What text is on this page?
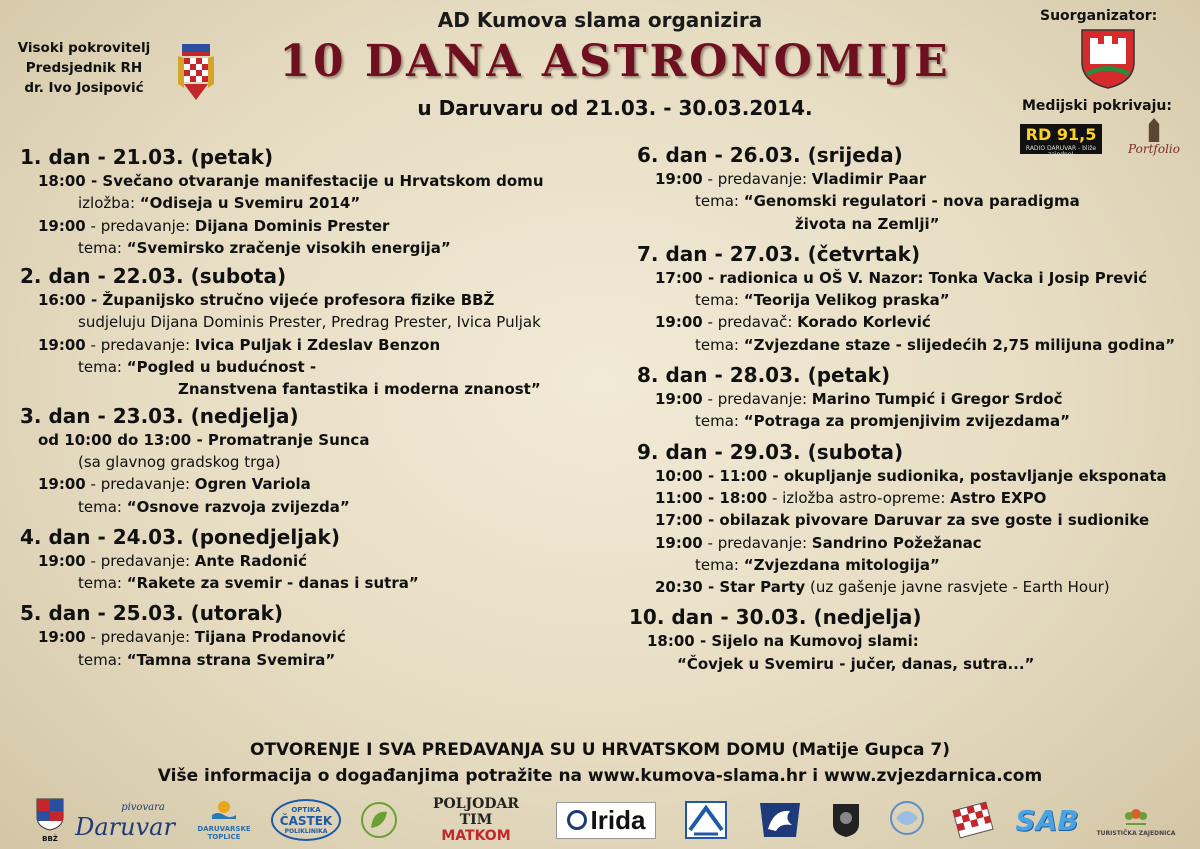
AD Kumova slama organizira
10 DANA ASTRONOMIJE
u Daruvaru od 21.03. - 30.03.2014.
Visoki pokrovitelj
Predsjednik RH
dr. Ivo Josipović
Suorganizator:
Medijski pokrivaju:
RD 91,5
RADIO DARUVAR - bliže zajedno!	Portfolio
1. dan - 21.03. (petak)
18:00 - Svečano otvaranje manifestacije u Hrvatskom domu
izložba: “Odiseja u Svemiru 2014”
19:00 - predavanje: Dijana Dominis Prester
tema: “Svemirsko zračenje visokih energija”
2. dan - 22.03. (subota)
16:00 - Županijsko stručno vijeće profesora fizike BBŽ
sudjeluju Dijana Dominis Prester, Predrag Prester, Ivica Puljak
19:00 - predavanje: Ivica Puljak i Zdeslav Benzon
tema: “Pogled u budućnost -
Znanstvena fantastika i moderna znanost”
3. dan - 23.03. (nedjelja)
od 10:00 do 13:00 - Promatranje Sunca
(sa glavnog gradskog trga)
19:00 - predavanje: Ogren Variola
tema: “Osnove razvoja zvijezda”
4. dan - 24.03. (ponedjeljak)
19:00 - predavanje: Ante Radonić
tema: “Rakete za svemir - danas i sutra”
5. dan - 25.03. (utorak)
19:00 - predavanje: Tijana Prodanović
tema: “Tamna strana Svemira”
6. dan - 26.03. (srijeda)
19:00 - predavanje: Vladimir Paar
tema: “Genomski regulatori - nova paradigma
života na Zemlji”
7. dan - 27.03. (četvrtak)
17:00 - radionica u OŠ V. Nazor: Tonka Vacka i Josip Prević
tema: “Teorija Velikog praska”
19:00 - predavač: Korado Korlević
tema: “Zvjezdane staze - slijedećih 2,75 milijuna godina”
8. dan - 28.03. (petak)
19:00 - predavanje: Marino Tumpić i Gregor Srdoč
tema: “Potraga za promjenjivim zvijezdama”
9. dan - 29.03. (subota)
10:00 - 11:00 - okupljanje sudionika, postavljanje eksponata
11:00 - 18:00 - izložba astro-opreme: Astro EXPO
17:00 - obilazak pivovare Daruvar za sve goste i sudionike
19:00 - predavanje: Sandrino Požežanac
tema: “Zvjezdana mitologija”
20:30 - Star Party (uz gašenje javne rasvjete - Earth Hour)
10. dan - 30.03. (nedjelja)
18:00 - Sijelo na Kumovoj slami:
“Čovjek u Svemiru - jučer, danas, sutra...”
OTVORENJE I SVA PREDAVANJA SU U HRVATSKOM DOMU (Matije Gupca 7)
Više informacija o događanjima potražite na www.kumova-slama.hr i www.zvjezdarnica.com
BBŽ
pivovara
Daruvar	DARUVARSKE TOPLICE
OPTIKA
ČASTEK
POLIKLINIKA
POLJODAR TIM
MATKOM
Irida	SAB	TURISTIČKA ZAJEDNICA
